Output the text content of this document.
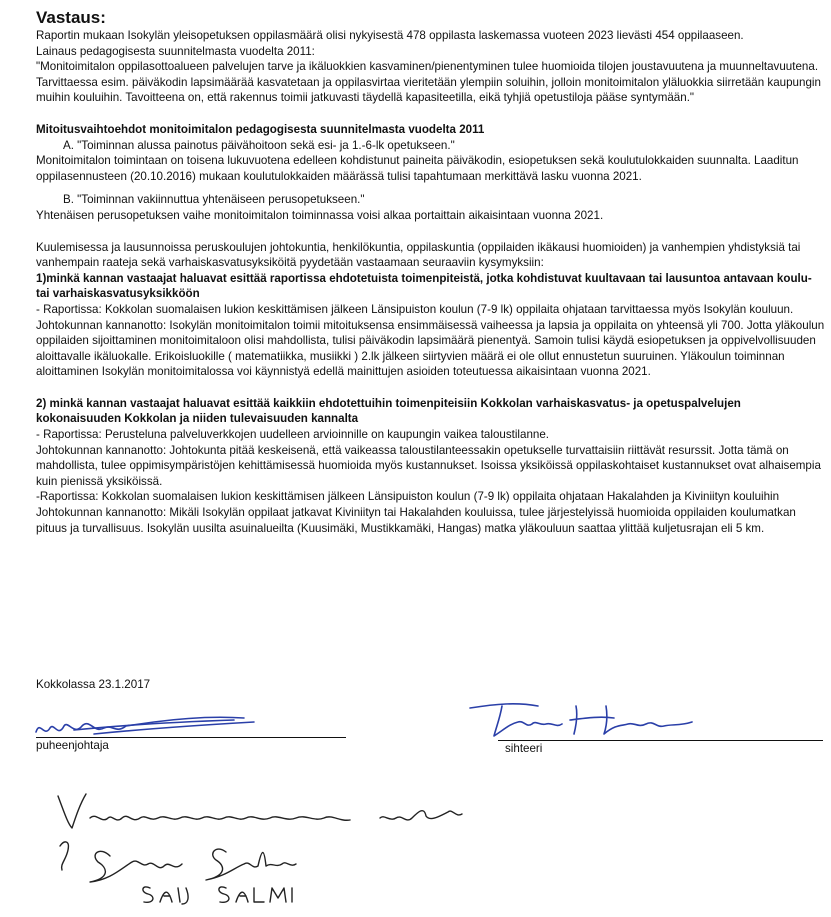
Vastaus:

Raportin mukaan Isokylän yleisopetuksen oppilasmäärä olisi nykyisestä 478 oppilasta laskemassa vuoteen 2023 lievästi 454 oppilaaseen.

Lainaus pedagogisesta suunnitelmasta vuodelta 2011:

"Monitoimitalon oppilasottoalueen palvelujen tarve ja ikäluokkien kasvaminen/pienentyminen tulee huomioida tilojen joustavuutena ja muunneltavuutena. Tarvittaessa esim. päiväkodin lapsimäärää kasvatetaan ja oppilasvirtaa vieritetään ylempiin soluihin, jolloin monitoimitalon yläluokkia siirretään kaupungin muihin kouluihin. Tavoitteena on, että rakennus toimii jatkuvasti täydellä kapasiteetilla, eikä tyhjiä opetustiloja pääse syntymään."

Mitoitusvaihtoehdot monitoimitalon pedagogisesta suunnitelmasta vuodelta 2011

A. "Toiminnan alussa painotus päivähoitoon sekä esi- ja 1.-6-lk opetukseen."

Monitoimitalon toimintaan on toisena lukuvuotena edelleen kohdistunut paineita päiväkodin, esiopetuksen sekä koulutulokkaiden suunnalta. Laaditun oppilasennusteen (20.10.2016) mukaan koulutulokkaiden määrässä tulisi tapahtumaan merkittävä lasku vuonna 2021.

B. "Toiminnan vakiinnuttua yhtenäiseen perusopetukseen."

Yhtenäisen perusopetuksen vaihe monitoimitalon toiminnassa voisi alkaa portaittain aikaisintaan vuonna 2021.

Kuulemisessa ja lausunnoissa peruskoulujen johtokuntia, henkilökuntia, oppilaskuntia (oppilaiden ikäkausi huomioiden) ja vanhempien yhdistyksiä tai vanhempain raateja sekä varhaiskasvatusyksiköitä pyydetään vastaamaan seuraaviin kysymyksiin:

1)minkä kannan vastaajat haluavat esittää raportissa ehdotetuista toimenpiteistä, jotka kohdistuvat kuultavaan tai lausuntoa antavaan koulu- tai varhaiskasvatusyksikköön

- Raportissa: Kokkolan suomalaisen lukion keskittämisen jälkeen Länsipuiston koulun (7-9 lk) oppilaita ohjataan tarvittaessa myös Isokylän kouluun.

Johtokunnan kannanotto: Isokylän monitoimitalon toimii mitoituksensa ensimmäisessä vaiheessa ja lapsia ja oppilaita on yhteensä yli 700. Jotta yläkoulun oppilaiden sijoittaminen monitoimitaloon olisi mahdollista, tulisi päiväkodin lapsimäärä pienentyä. Samoin tulisi käydä esiopetuksen ja oppivelvollisuuden aloittavalle ikäluokalle. Erikoisluokille ( matematiikka, musiikki ) 2.lk jälkeen siirtyvien määrä ei ole ollut ennustetun suuruinen. Yläkoulun toiminnan aloittaminen Isokylän monitoimitalossa voi käynnistyä edellä mainittujen asioiden toteutuessa aikaisintaan vuonna 2021.

2) minkä kannan vastaajat haluavat esittää kaikkiin ehdotettuihin toimenpiteisiin Kokkolan varhaiskasvatus- ja opetuspalvelujen kokonaisuuden Kokkolan ja niiden tulevaisuuden kannalta

- Raportissa: Perusteluna palveluverkkojen uudelleen arvioinnille on kaupungin vaikea taloustilanne.

Johtokunnan kannanotto: Johtokunta pitää keskeisenä, että vaikeassa taloustilanteessakin opetukselle turvattaisiin riittävät resurssit. Jotta tämä on mahdollista, tulee oppimisympäristöjen kehittämisessä huomioida myös kustannukset. Isoissa yksiköissä oppilaskohtaiset kustannukset ovat alhaisempia kuin pienissä yksiköissä.

-Raportissa: Kokkolan suomalaisen lukion keskittämisen jälkeen Länsipuiston koulun (7-9 lk) oppilaita ohjataan Hakalahden ja Kiviniityn kouluihin

Johtokunnan kannanotto: Mikäli Isokylän oppilaat jatkavat Kiviniityn tai Hakalahden kouluissa, tulee järjestelyissä huomioida oppilaiden koulumatkan pituus ja turvallisuus. Isokylän uusilta asuinalueilta (Kuusimäki, Mustikkamäki, Hangas) matka yläkouluun saattaa ylittää kuljetusrajan eli 5 km.

Kokkolassa 23.1.2017
puheenjohtaja	sihteeri
